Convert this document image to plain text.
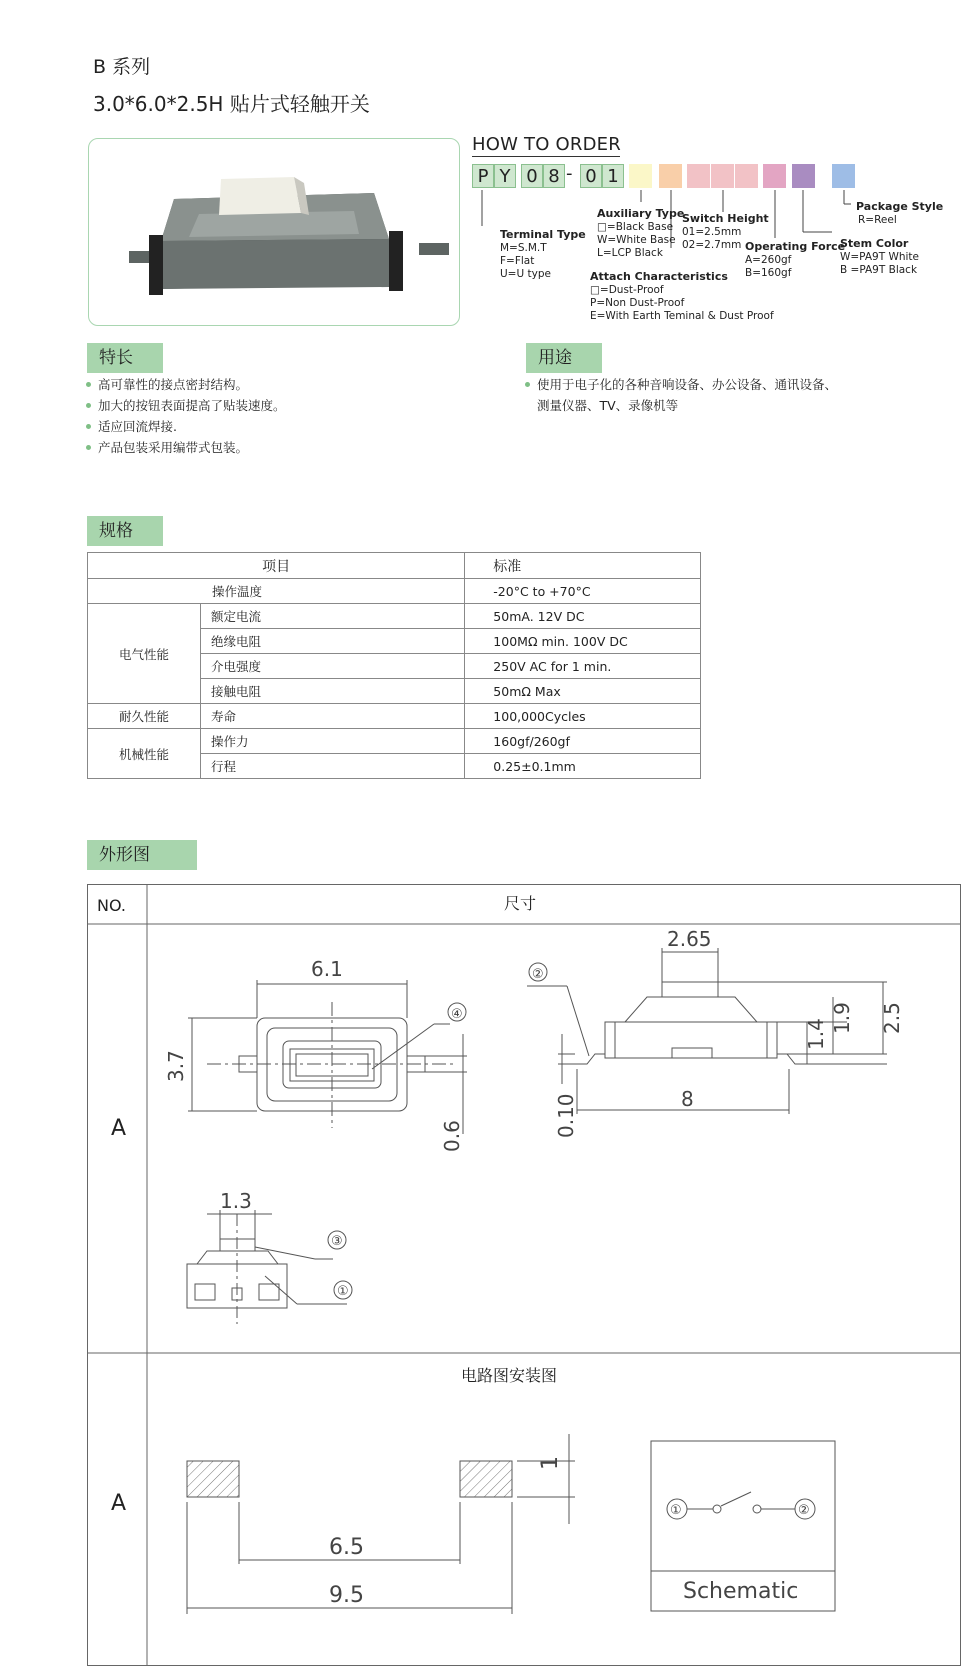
B 系列
3.0*6.0*2.5H 贴片式轻触开关
HOW TO ORDER
P Y 0 8 - 0 1
Terminal Type
M=S.M.T
F=Flat
U=U type
Auxiliary Type
□=Black Base
W=White Base
L=LCP Black
Attach Characteristics
□=Dust-Proof
P=Non Dust-Proof
E=With Earth Teminal & Dust Proof
Switch Height
01=2.5mm
02=2.7mm Operating Force
A=260gf
B=160gf
Stem Color
W=PA9T White
B =PA9T Black
Package Style
R=Reel
特长
高可靠性的接点密封结构。
加大的按钮表面提高了贴装速度。
适应回流焊接.
产品包装采用编带式包装。
用途
使用于电子化的各种音响设备、办公设备、通讯设备、
测量仪器、TV、录像机等
规格
项目		标准
操作温度		-20°C to +70°C
电气性能	额定电流	50mA. 12V DC
	绝缘电阻	100MΩ min. 100V DC
	介电强度	250V AC for 1 min.
	接触电阻	50mΩ Max
耐久性能	寿命	100,000Cycles
机械性能	操作力	160gf/260gf
	行程	0.25±0.1mm
外形图
NO.	尺寸
A
A
电路图安装图
6.1
3.7
0.6
④
2.65
8
2.5
1.9
1.4
0.10
②
1.3
③
①
6.5
9.5
1
①	②
Schematic
